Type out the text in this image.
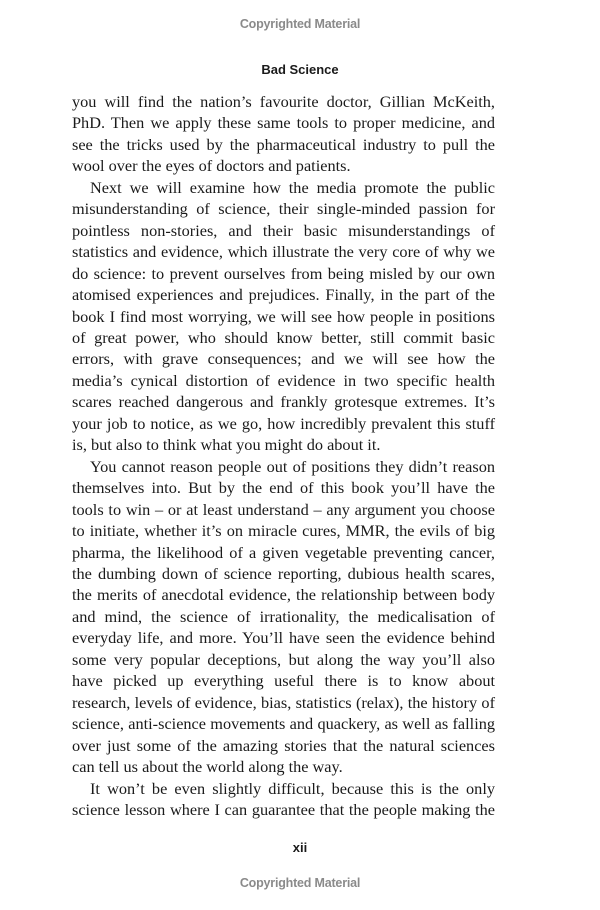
Copyrighted Material
Bad Science

you will find the nation’s favourite doctor, Gillian McKeith, PhD. Then we apply these same tools to proper medicine, and see the tricks used by the pharmaceutical industry to pull the wool over the eyes of doctors and patients.

Next we will examine how the media promote the public misunderstanding of science, their single-minded passion for pointless non-stories, and their basic misunderstandings of statistics and evidence, which illustrate the very core of why we do science: to prevent ourselves from being misled by our own atomised experiences and prejudices. Finally, in the part of the book I find most worrying, we will see how people in positions of great power, who should know better, still commit basic errors, with grave consequences; and we will see how the media’s cynical distortion of evidence in two specific health scares reached dangerous and frankly grotesque extremes. It’s your job to notice, as we go, how incredibly prevalent this stuff is, but also to think what you might do about it.

You cannot reason people out of positions they didn’t reason themselves into. But by the end of this book you’ll have the tools to win – or at least understand – any argument you choose to initiate, whether it’s on miracle cures, MMR, the evils of big pharma, the likelihood of a given vegetable preventing cancer, the dumbing down of science reporting, dubious health scares, the merits of anecdotal evidence, the relationship between body and mind, the science of irrationality, the medicalisation of everyday life, and more. You’ll have seen the evidence behind some very popular deceptions, but along the way you’ll also have picked up everything useful there is to know about research, levels of evidence, bias, statistics (relax), the history of science, anti-science movements and quackery, as well as falling over just some of the amazing stories that the natural sciences can tell us about the world along the way.

It won’t be even slightly difficult, because this is the only science lesson where I can guarantee that the people making the

xii
Copyrighted Material
